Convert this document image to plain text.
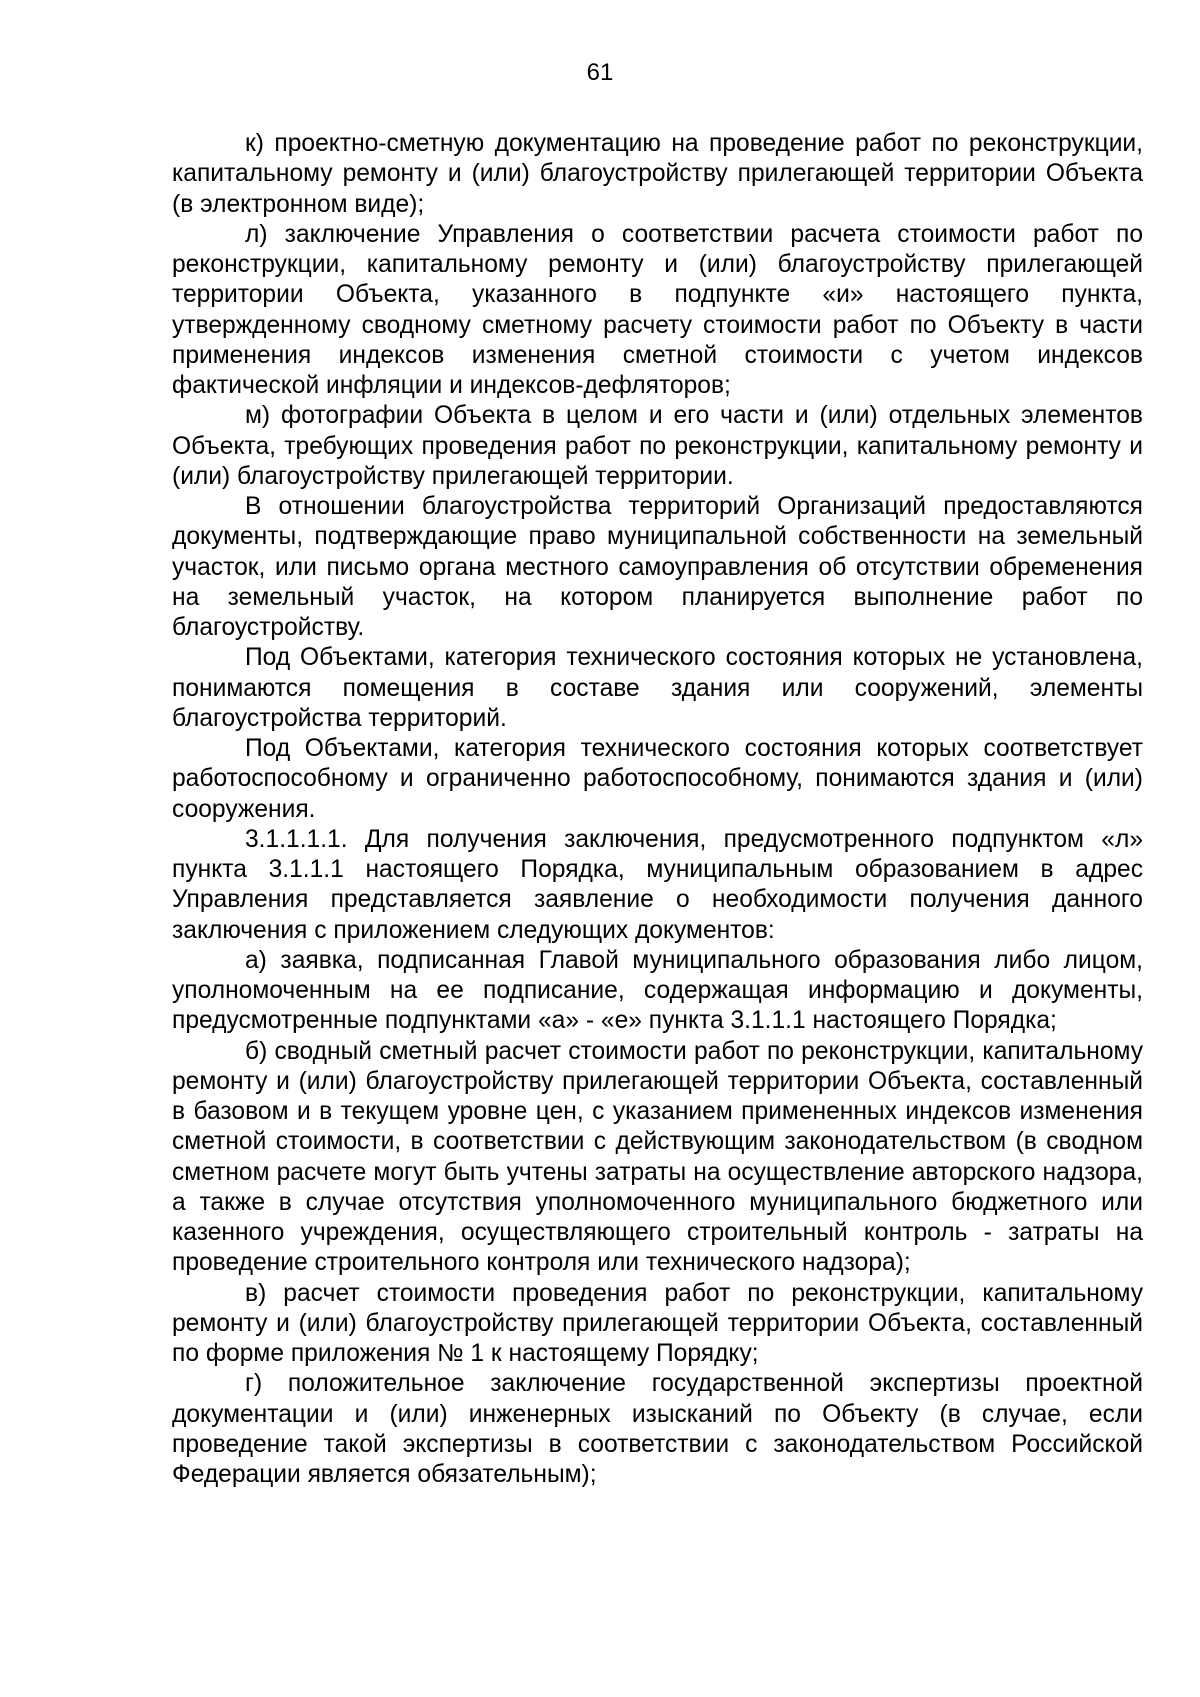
61

к) проектно-сметную документацию на проведение работ по реконструкции, капитальному ремонту и (или) благоустройству прилегающей территории Объекта (в электронном виде);

л) заключение Управления о соответствии расчета стоимости работ по реконструкции, капитальному ремонту и (или) благоустройству прилегающей территории Объекта, указанного в подпункте «и» настоящего пункта, утвержденному сводному сметному расчету стоимости работ по Объекту в части применения индексов изменения сметной стоимости с учетом индексов фактической инфляции и индексов-дефляторов;

м) фотографии Объекта в целом и его части и (или) отдельных элементов Объекта, требующих проведения работ по реконструкции, капитальному ремонту и (или) благоустройству прилегающей территории.

В отношении благоустройства территорий Организаций предоставляются документы, подтверждающие право муниципальной собственности на земельный участок, или письмо органа местного самоуправления об отсутствии обременения на земельный участок, на котором планируется выполнение работ по благоустройству.

Под Объектами, категория технического состояния которых не установлена, понимаются помещения в составе здания или сооружений, элементы благоустройства территорий.

Под Объектами, категория технического состояния которых соответствует работоспособному и ограниченно работоспособному, понимаются здания и (или) сооружения.

3.1.1.1.1. Для получения заключения, предусмотренного подпунктом «л» пункта 3.1.1.1 настоящего Порядка, муниципальным образованием в адрес Управления представляется заявление о необходимости получения данного заключения с приложением следующих документов:

а) заявка, подписанная Главой муниципального образования либо лицом, уполномоченным на ее подписание, содержащая информацию и документы, предусмотренные подпунктами «а» - «е» пункта 3.1.1.1 настоящего Порядка;

б) сводный сметный расчет стоимости работ по реконструкции, капитальному ремонту и (или) благоустройству прилегающей территории Объекта, составленный в базовом и в текущем уровне цен, с указанием примененных индексов изменения сметной стоимости, в соответствии с действующим законодательством (в сводном сметном расчете могут быть учтены затраты на осуществление авторского надзора, а также в случае отсутствия уполномоченного муниципального бюджетного или казенного учреждения, осуществляющего строительный контроль - затраты на проведение строительного контроля или технического надзора);

в) расчет стоимости проведения работ по реконструкции, капитальному ремонту и (или) благоустройству прилегающей территории Объекта, составленный по форме приложения № 1 к настоящему Порядку;

г) положительное заключение государственной экспертизы проектной документации и (или) инженерных изысканий по Объекту (в случае, если проведение такой экспертизы в соответствии с законодательством Российской Федерации является обязательным);
